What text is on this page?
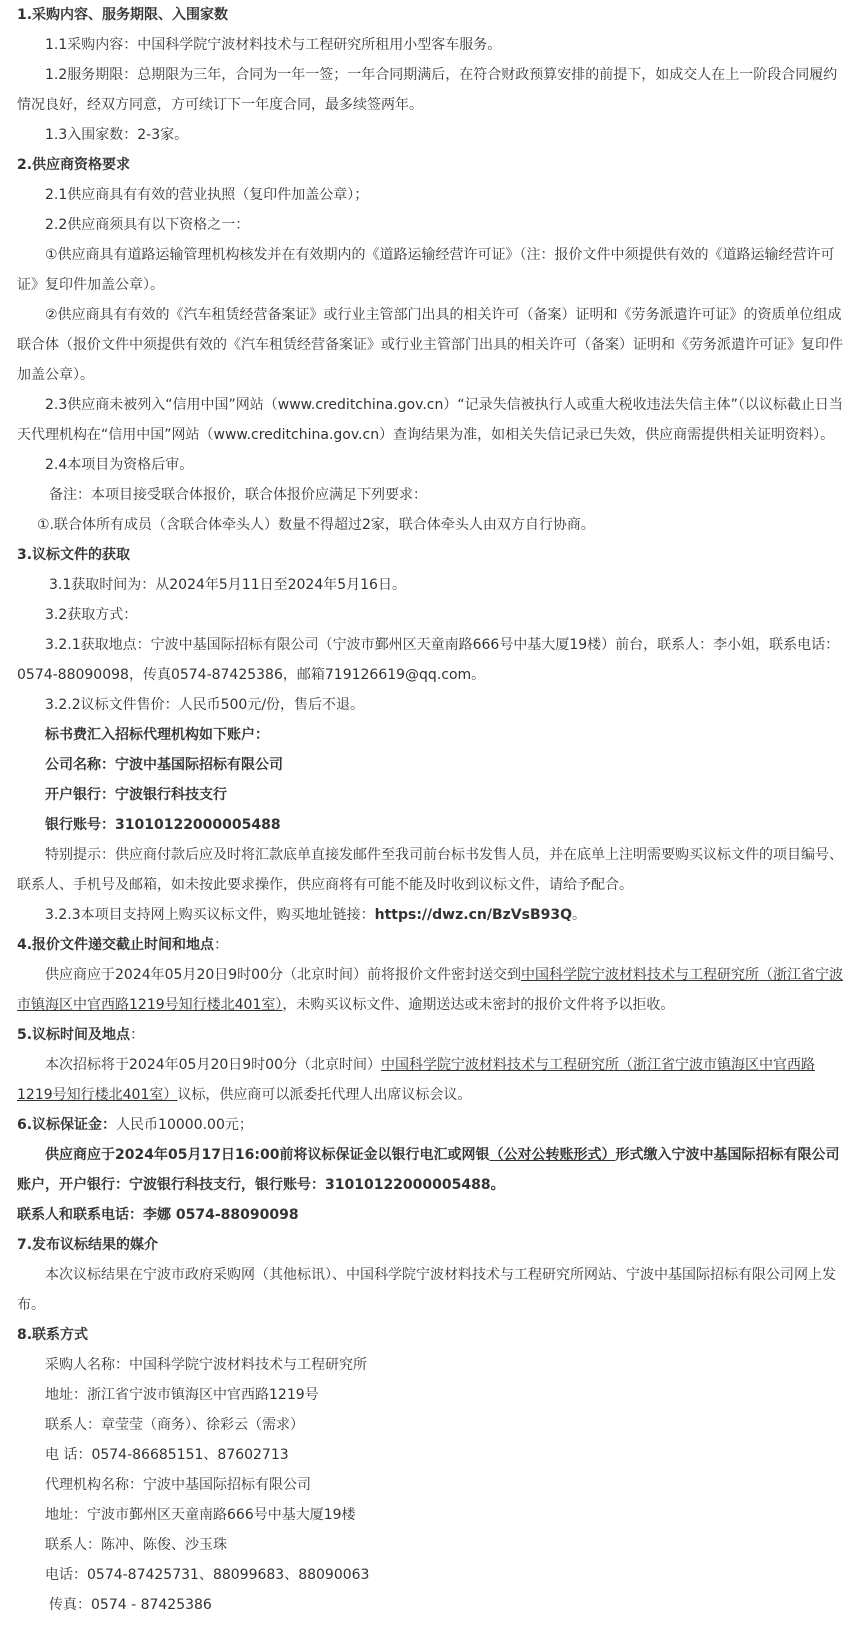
1.采购内容、服务期限、入围家数

1.1采购内容：中国科学院宁波材料技术与工程研究所租用小型客车服务。

1.2服务期限：总期限为三年，合同为一年一签；一年合同期满后，在符合财政预算安排的前提下，如成交人在上一阶段合同履约情况良好，经双方同意，方可续订下一年度合同，最多续签两年。

1.3入围家数：2-3家。

2.供应商资格要求

2.1供应商具有有效的营业执照（复印件加盖公章）；

2.2供应商须具有以下资格之一：

①供应商具有道路运输管理机构核发并在有效期内的《道路运输经营许可证》（注：报价文件中须提供有效的《道路运输经营许可证》复印件加盖公章）。

②供应商具有有效的《汽车租赁经营备案证》或行业主管部门出具的相关许可（备案）证明和《劳务派遣许可证》的资质单位组成联合体（报价文件中须提供有效的《汽车租赁经营备案证》或行业主管部门出具的相关许可（备案）证明和《劳务派遣许可证》复印件加盖公章）。

2.3供应商未被列入“信用中国”网站（www.creditchina.gov.cn）“记录失信被执行人或重大税收违法失信主体”（以议标截止日当天代理机构在“信用中国”网站（www.creditchina.gov.cn）查询结果为准，如相关失信记录已失效，供应商需提供相关证明资料）。

2.4本项目为资格后审。

备注：本项目接受联合体报价，联合体报价应满足下列要求：

①.联合体所有成员（含联合体牵头人）数量不得超过2家，联合体牵头人由双方自行协商。

3.议标文件的获取

3.1获取时间为：从2024年5月11日至2024年5月16日。

3.2获取方式：

3.2.1获取地点：宁波中基国际招标有限公司（宁波市鄞州区天童南路666号中基大厦19楼）前台，联系人：李小姐，联系电话：0574-88090098，传真0574-87425386，邮箱719126619@qq.com。

3.2.2议标文件售价：人民币500元/份，售后不退。

标书费汇入招标代理机构如下账户：

公司名称：宁波中基国际招标有限公司

开户银行：宁波银行科技支行

银行账号：31010122000005488

特别提示：供应商付款后应及时将汇款底单直接发邮件至我司前台标书发售人员，并在底单上注明需要购买议标文件的项目编号、联系人、手机号及邮箱，如未按此要求操作，供应商将有可能不能及时收到议标文件，请给予配合。

3.2.3本项目支持网上购买议标文件，购买地址链接：https://dwz.cn/BzVsB93Q。

4.报价文件递交截止时间和地点：

供应商应于2024年05月20日9时00分（北京时间）前将报价文件密封送交到中国科学院宁波材料技术与工程研究所（浙江省宁波市镇海区中官西路1219号知行楼北401室），未购买议标文件、逾期送达或未密封的报价文件将予以拒收。

5.议标时间及地点：

本次招标将于2024年05月20日9时00分（北京时间）中国科学院宁波材料技术与工程研究所（浙江省宁波市镇海区中官西路1219号知行楼北401室）议标，供应商可以派委托代理人出席议标会议。

6.议标保证金：人民币10000.00元；

供应商应于2024年05月17日16:00前将议标保证金以银行电汇或网银（公对公转账形式）形式缴入宁波中基国际招标有限公司账户，开户银行：宁波银行科技支行，银行账号：31010122000005488。

联系人和联系电话：李娜 0574-88090098

7.发布议标结果的媒介

本次议标结果在宁波市政府采购网（其他标讯）、中国科学院宁波材料技术与工程研究所网站、宁波中基国际招标有限公司网上发布。

8.联系方式

采购人名称：中国科学院宁波材料技术与工程研究所

地址：浙江省宁波市镇海区中官西路1219号

联系人：章莹莹（商务）、徐彩云（需求）

电 话：0574-86685151、87602713

代理机构名称：宁波中基国际招标有限公司

地址：宁波市鄞州区天童南路666号中基大厦19楼

联系人：陈冲、陈俊、沙玉珠

电话：0574-87425731、88099683、88090063

传真：0574 - 87425386
